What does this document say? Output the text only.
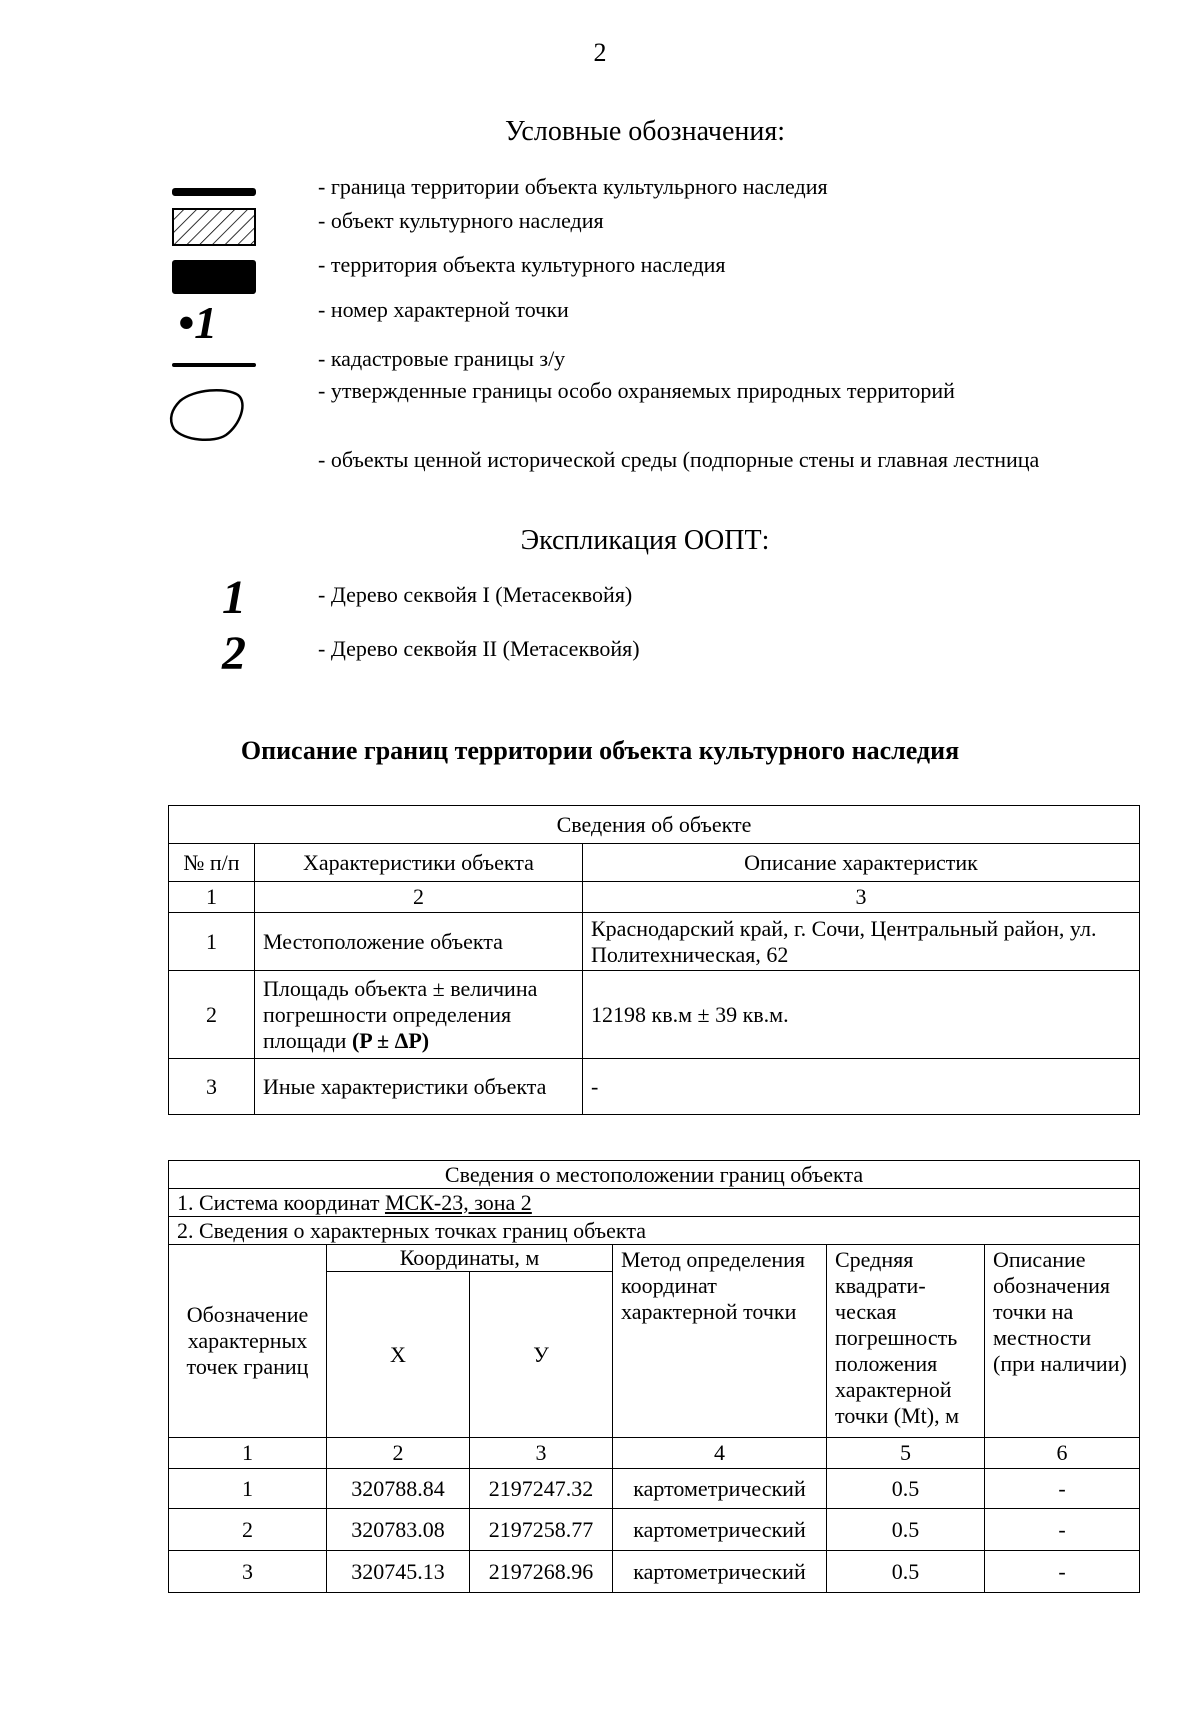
2
Условные обозначения:
•1
- граница территории объекта культульрного наследия
- объект культурного наследия
- территория объекта культурного наследия
- номер характерной точки
- кадастровые границы з/у
- утвержденные границы особо охраняемых природных территорий
- объекты ценной исторической среды (подпорные стены и главная лестница
Экспликация ООПТ:
1	- Дерево секвойя I (Метасеквойя)
2	- Дерево секвойя II (Метасеквойя)
Описание границ территории объекта культурного наследия
Сведения об объекте		
№ п/п	Характеристики объекта	Описание характеристик
1	2	3
1	Местоположение объекта	Краснодарский край, г. Сочи, Центральный район, ул. Политехническая, 62
2	Площадь объекта ± величина погрешности определения площади (P ± ΔP)	12198 кв.м ± 39 кв.м.
3	Иные характеристики объекта	-
Сведения о местоположении границ объекта					
1. Система координат МСК-23, зона 2					
2. Сведения о характерных точках границ объекта					
Обозначение характерных точек границ	Координаты, м		Метод определения координат характерной точки	Средняя квадрати-ческая погрешность положения характерной точки (Mt), м	Описание обозначения точки на местности (при наличии)
	X	У			
1	2	3	4	5	6
1	320788.84	2197247.32	картометрический	0.5	-
2	320783.08	2197258.77	картометрический	0.5	-
3	320745.13	2197268.96	картометрический	0.5	-
